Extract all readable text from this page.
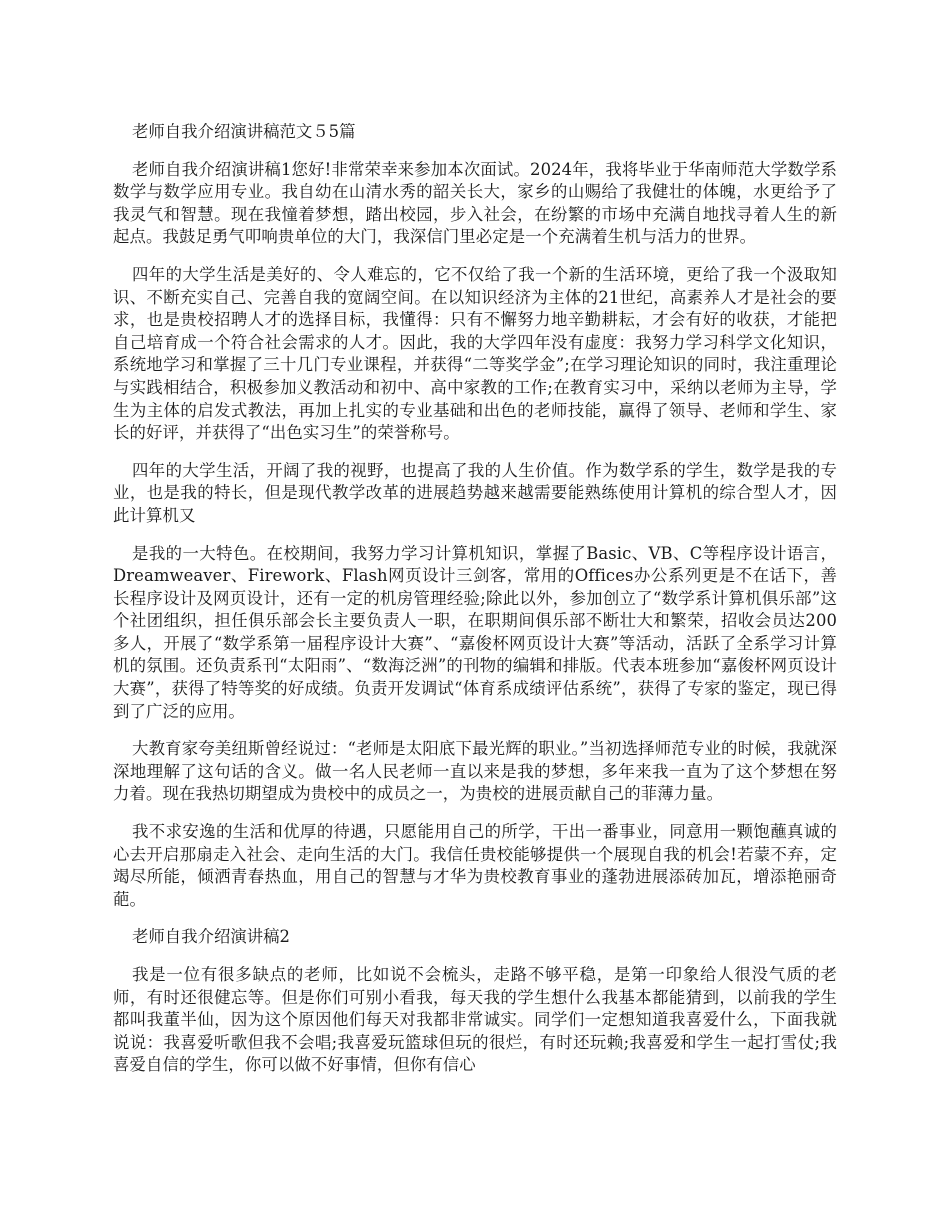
老师自我介绍演讲稿范文５5篇

老师自我介绍演讲稿1您好!非常荣幸来参加本次面试。2024年，我将毕业于华南师范大学数学系数学与数学应用专业。我自幼在山清水秀的韶关长大，家乡的山赐给了我健壮的体魄，水更给予了我灵气和智慧。现在我憧着梦想，踏出校园，步入社会，在纷繁的市场中充满自地找寻着人生的新起点。我鼓足勇气叩响贵单位的大门，我深信门里必定是一个充满着生机与活力的世界。

四年的大学生活是美好的、令人难忘的，它不仅给了我一个新的生活环境，更给了我一个汲取知识、不断充实自己、完善自我的宽阔空间。在以知识经济为主体的21世纪，高素养人才是社会的要求，也是贵校招聘人才的选择目标，我懂得：只有不懈努力地辛勤耕耘，才会有好的收获，才能把自己培育成一个符合社会需求的人才。因此，我的大学四年没有虚度：我努力学习科学文化知识，系统地学习和掌握了三十几门专业课程，并获得“二等奖学金”;在学习理论知识的同时，我注重理论与实践相结合，积极参加义教活动和初中、高中家教的工作;在教育实习中，采纳以老师为主导，学生为主体的启发式教法，再加上扎实的专业基础和出色的老师技能，赢得了领导、老师和学生、家长的好评，并获得了“出色实习生”的荣誉称号。

四年的大学生活，开阔了我的视野，也提高了我的人生价值。作为数学系的学生，数学是我的专业，也是我的特长，但是现代教学改革的进展趋势越来越需要能熟练使用计算机的综合型人才，因此计算机又

是我的一大特色。在校期间，我努力学习计算机知识，掌握了Basic、VB、C等程序设计语言，Dreamweaver、Firework、Flash网页设计三剑客，常用的Offices办公系列更是不在话下，善长程序设计及网页设计，还有一定的机房管理经验;除此以外，参加创立了“数学系计算机俱乐部”这个社团组织，担任俱乐部会长主要负责人一职，在职期间俱乐部不断壮大和繁荣，招收会员达200多人，开展了“数学系第一届程序设计大赛”、“嘉俊杯网页设计大赛”等活动，活跃了全系学习计算机的氛围。还负责系刊“太阳雨”、“数海泛洲”的刊物的编辑和排版。代表本班参加“嘉俊杯网页设计大赛”，获得了特等奖的好成绩。负责开发调试“体育系成绩评估系统”，获得了专家的鉴定，现已得到了广泛的应用。

大教育家夸美纽斯曾经说过：“老师是太阳底下最光辉的职业。”当初选择师范专业的时候，我就深深地理解了这句话的含义。做一名人民老师一直以来是我的梦想，多年来我一直为了这个梦想在努力着。现在我热切期望成为贵校中的成员之一，为贵校的进展贡献自己的菲薄力量。

我不求安逸的生活和优厚的待遇，只愿能用自己的所学，干出一番事业，同意用一颗饱蘸真诚的心去开启那扇走入社会、走向生活的大门。我信任贵校能够提供一个展现自我的机会!若蒙不弃，定竭尽所能，倾洒青春热血，用自己的智慧与才华为贵校教育事业的蓬勃进展添砖加瓦，增添艳丽奇葩。

老师自我介绍演讲稿2

我是一位有很多缺点的老师，比如说不会梳头，走路不够平稳，是第一印象给人很没气质的老师，有时还很健忘等。但是你们可别小看我，每天我的学生想什么我基本都能猜到，以前我的学生都叫我董半仙，因为这个原因他们每天对我都非常诚实。同学们一定想知道我喜爱什么，下面我就说说：我喜爱听歌但我不会唱;我喜爱玩篮球但玩的很烂，有时还玩赖;我喜爱和学生一起打雪仗;我喜爱自信的学生，你可以做不好事情，但你有信心
